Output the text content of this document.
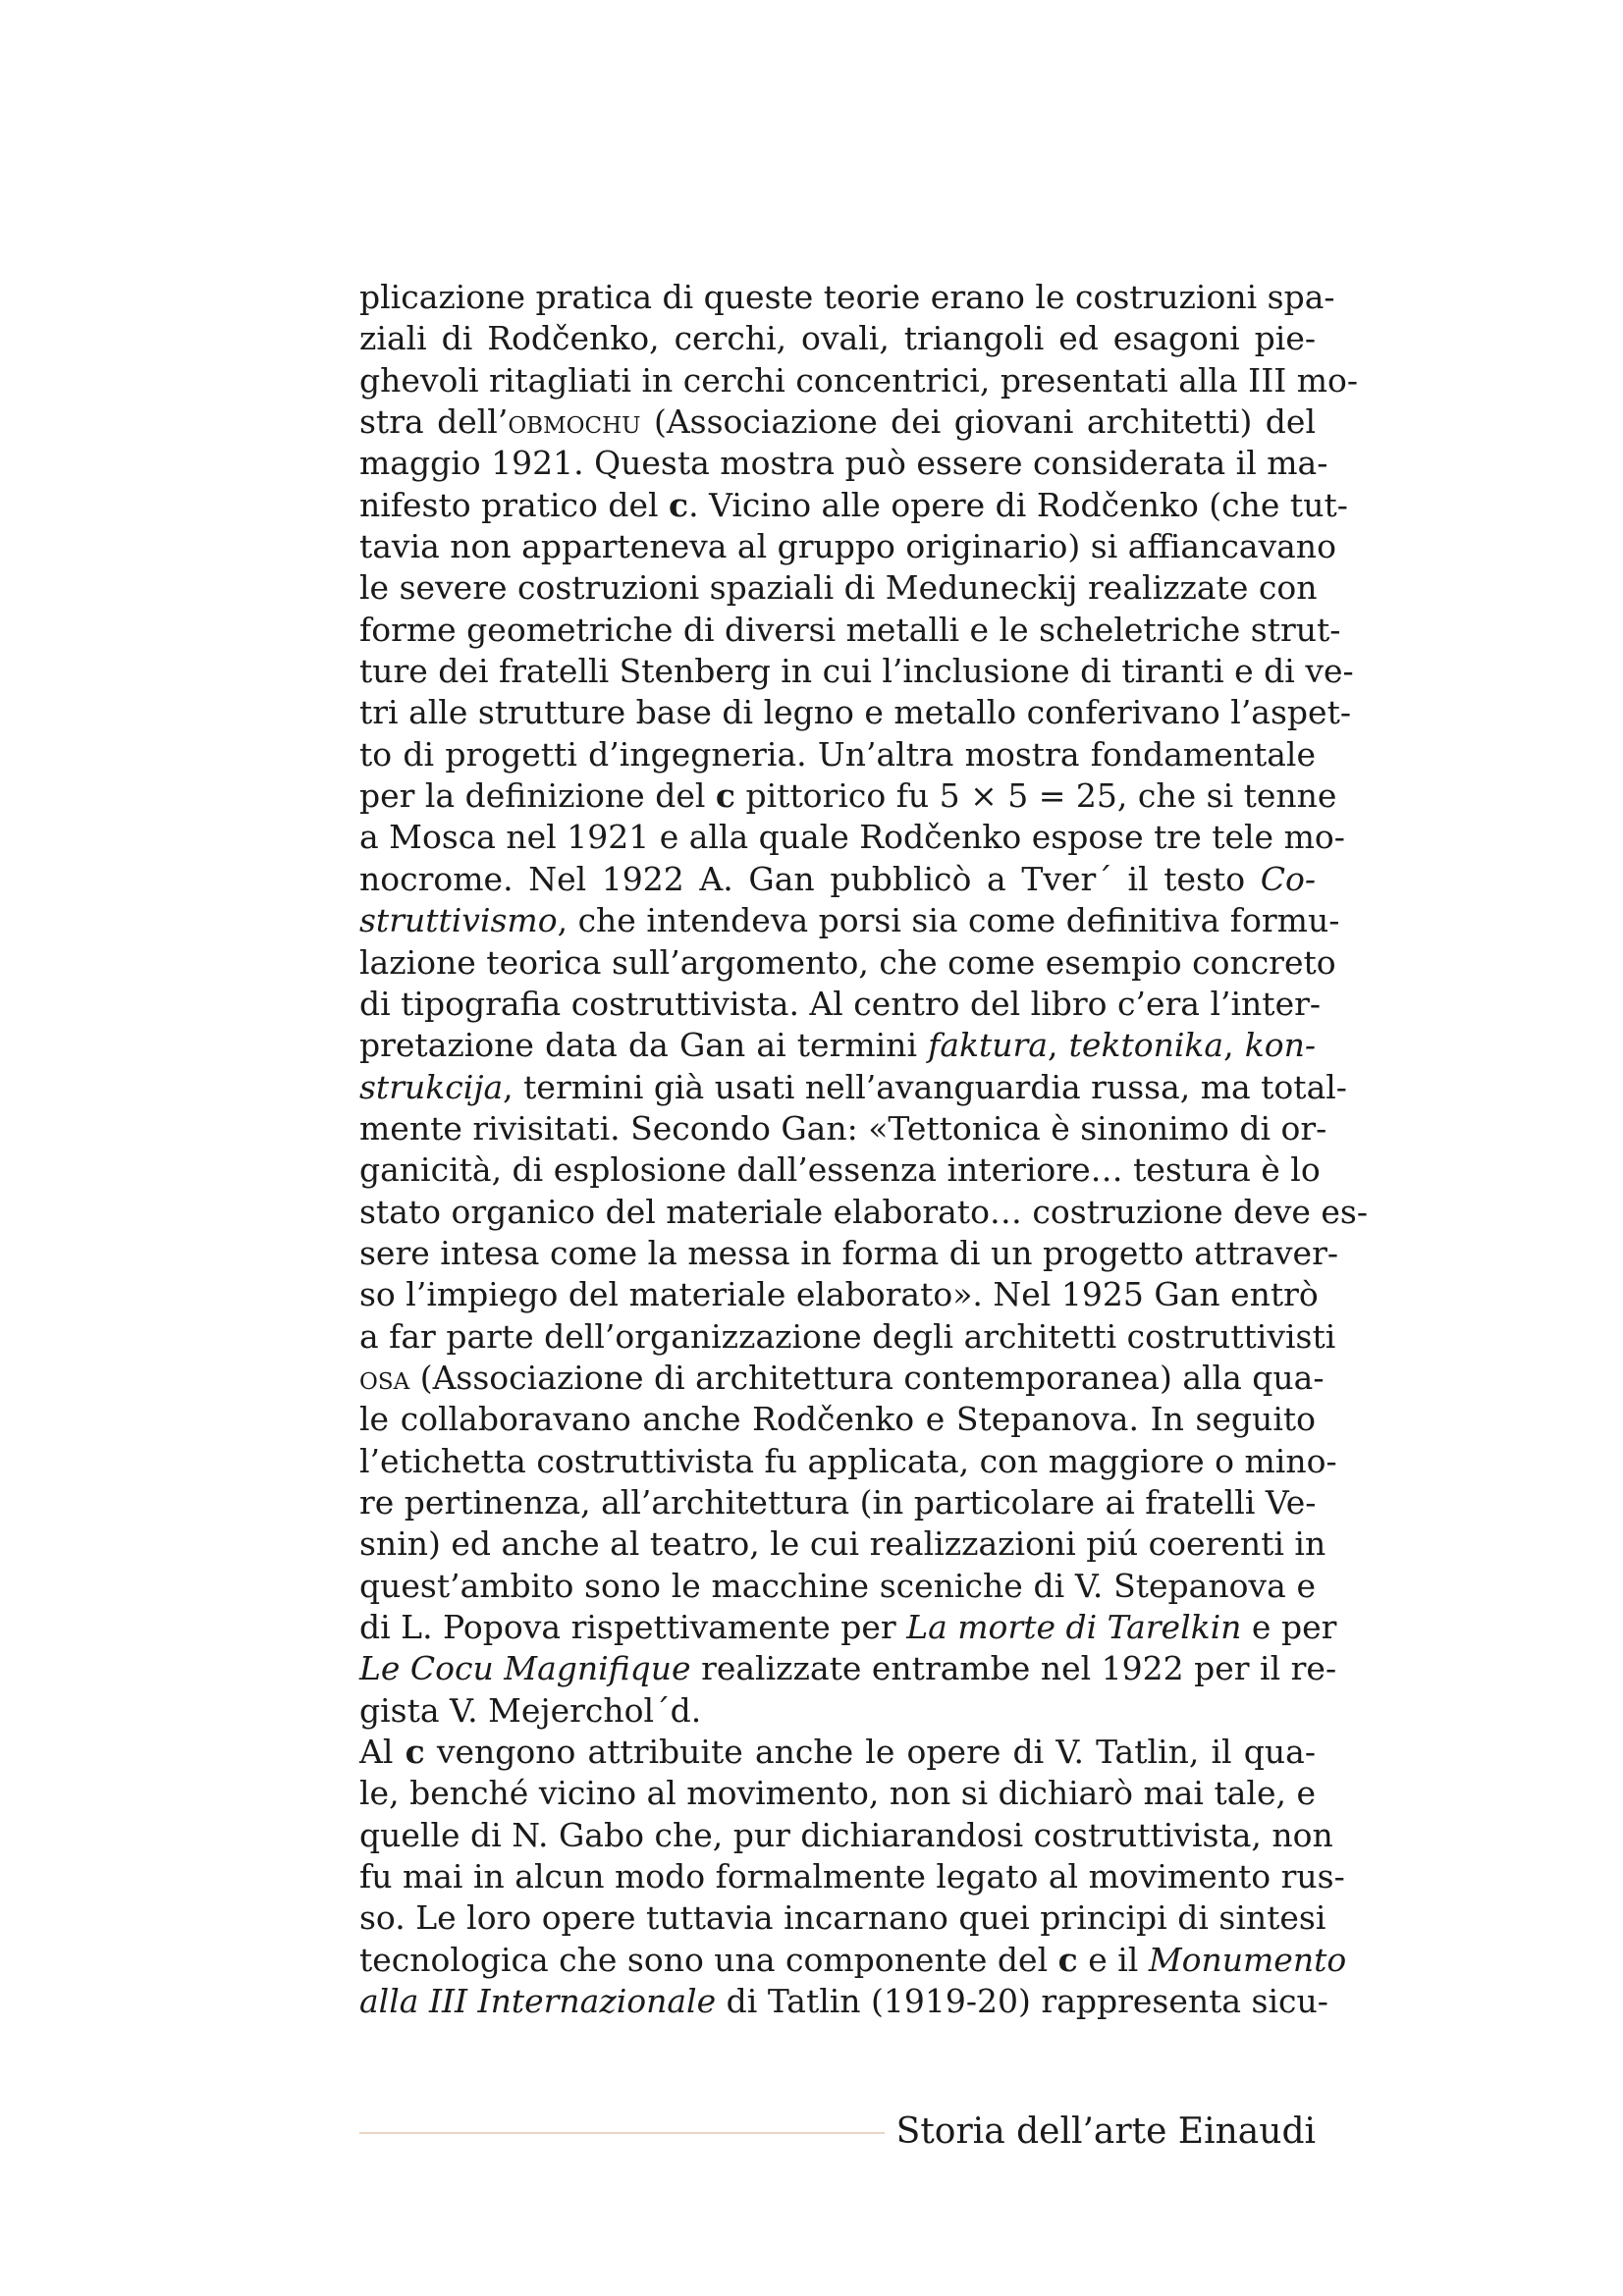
plicazione pratica di queste teorie erano le costruzioni spa-
ziali di Rodčenko, cerchi, ovali, triangoli ed esagoni pie-
ghevoli ritagliati in cerchi concentrici, presentati alla III mo-
stra dell’obmochu (Associazione dei giovani architetti) del
maggio 1921. Questa mostra può essere considerata il ma-
nifesto pratico del c. Vicino alle opere di Rodčenko (che tut-
tavia non apparteneva al gruppo originario) si affiancavano
le severe costruzioni spaziali di Meduneckij realizzate con
forme geometriche di diversi metalli e le scheletriche strut-
ture dei fratelli Stenberg in cui l’inclusione di tiranti e di ve-
tri alle strutture base di legno e metallo conferivano l’aspet-
to di progetti d’ingegneria. Un’altra mostra fondamentale
per la definizione del c pittorico fu 5 × 5 = 25, che si tenne
a Mosca nel 1921 e alla quale Rodčenko espose tre tele mo-
nocrome. Nel 1922 A. Gan pubblicò a Tver´ il testo Co-
struttivismo, che intendeva porsi sia come definitiva formu-
lazione teorica sull’argomento, che come esempio concreto
di tipografia costruttivista. Al centro del libro c’era l’inter-
pretazione data da Gan ai termini faktura, tektonika, kon-
strukcija, termini già usati nell’avanguardia russa, ma total-
mente rivisitati. Secondo Gan: «Tettonica è sinonimo di or-
ganicità, di esplosione dall’essenza interiore… testura è lo
stato organico del materiale elaborato… costruzione deve es-
sere intesa come la messa in forma di un progetto attraver-
so l’impiego del materiale elaborato». Nel 1925 Gan entrò
a far parte dell’organizzazione degli architetti costruttivisti
osa (Associazione di architettura contemporanea) alla qua-
le collaboravano anche Rodčenko e Stepanova. In seguito
l’etichetta costruttivista fu applicata, con maggiore o mino-
re pertinenza, all’architettura (in particolare ai fratelli Ve-
snin) ed anche al teatro, le cui realizzazioni piú coerenti in
quest’ambito sono le macchine sceniche di V. Stepanova e
di L. Popova rispettivamente per La morte di Tarelkin e per
Le Cocu Magnifique realizzate entrambe nel 1922 per il re-
gista V. Mejerchol´d.
Al c vengono attribuite anche le opere di V. Tatlin, il qua-
le, benché vicino al movimento, non si dichiarò mai tale, e
quelle di N. Gabo che, pur dichiarandosi costruttivista, non
fu mai in alcun modo formalmente legato al movimento rus-
so. Le loro opere tuttavia incarnano quei principi di sintesi
tecnologica che sono una componente del c e il Monumento
alla III Internazionale di Tatlin (1919-20) rappresenta sicu-
Storia dell’arte Einaudi
